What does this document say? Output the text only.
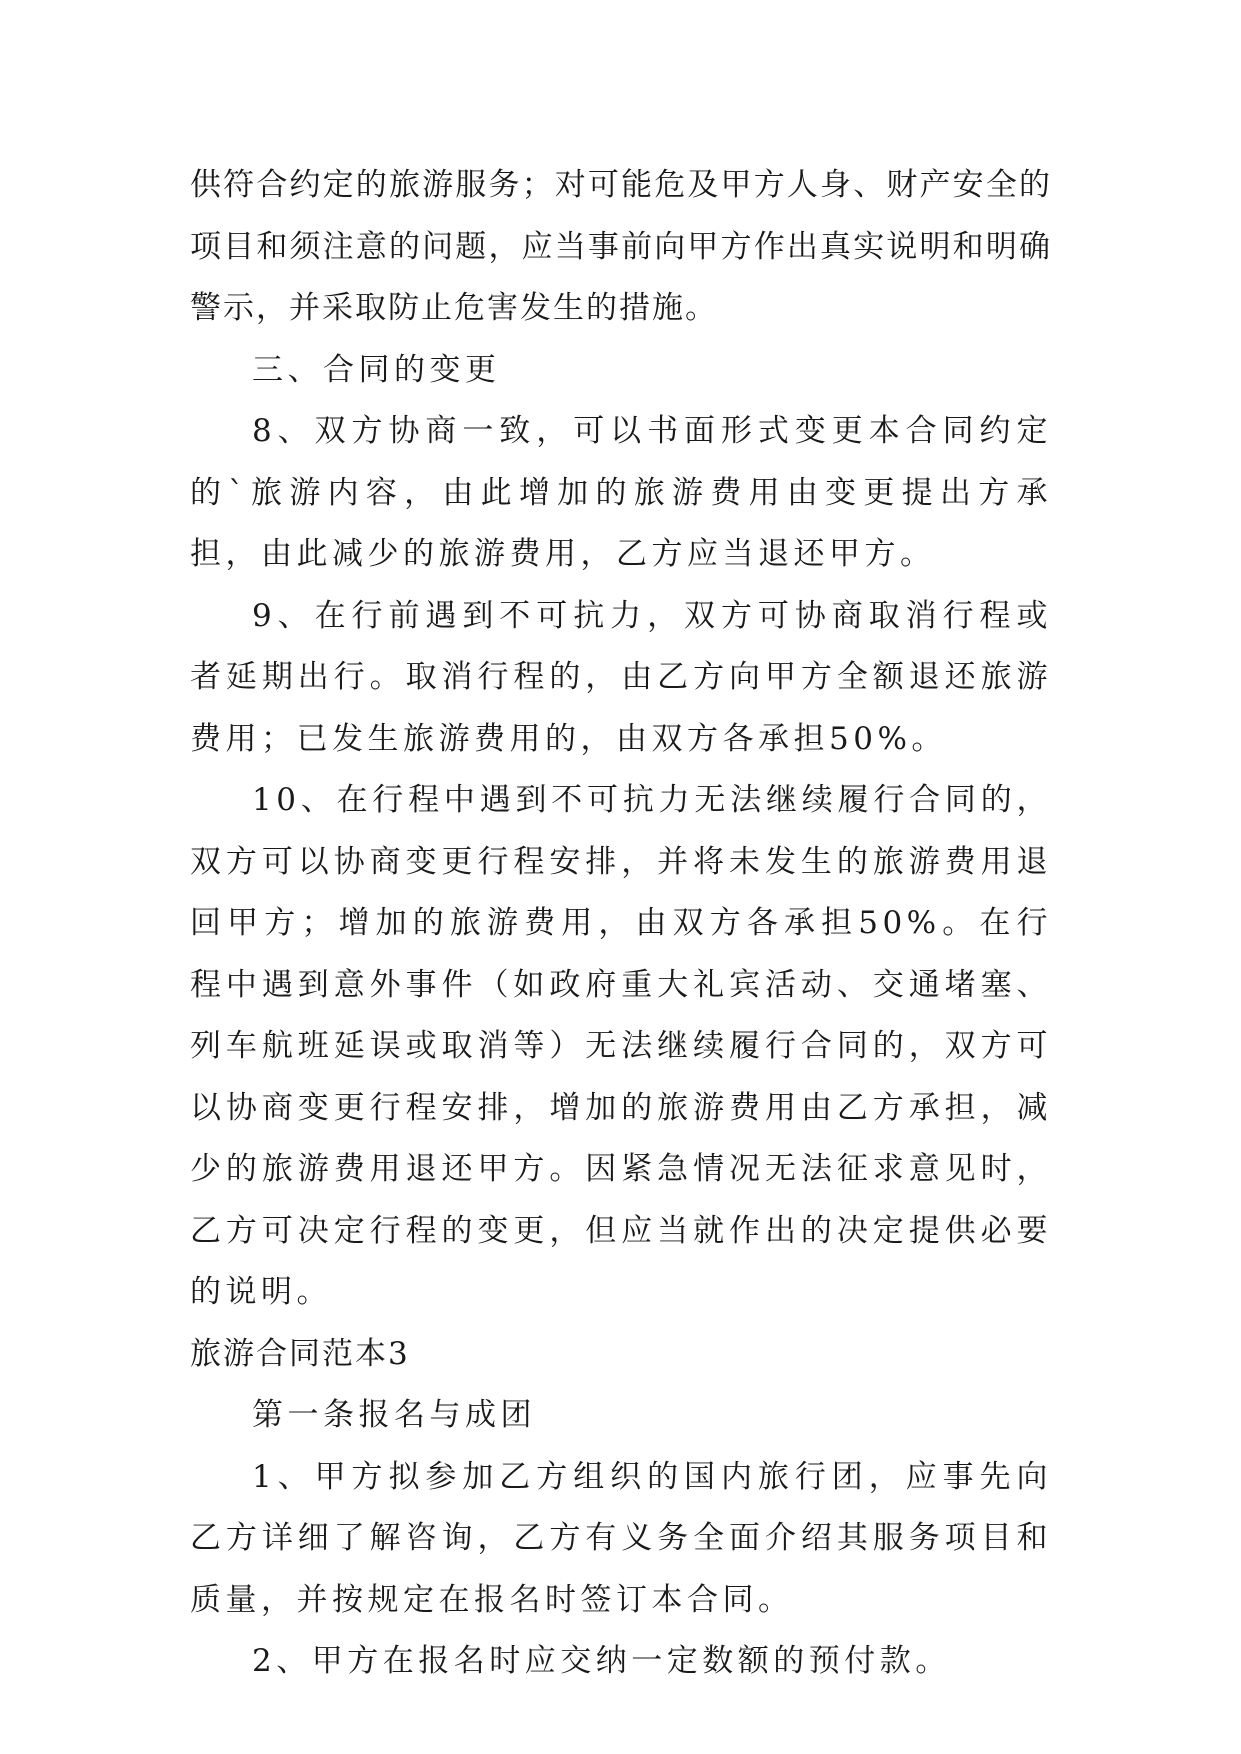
供符合约定的旅游服务；对可能危及甲方人身、财产安全的项目和须注意的问题，应当事前向甲方作出真实说明和明确警示，并采取防止危害发生的措施。

三、合同的变更

8、双方协商一致，可以书面形式变更本合同约定的`旅游内容，由此增加的旅游费用由变更提出方承担，由此减少的旅游费用，乙方应当退还甲方。

9、在行前遇到不可抗力，双方可协商取消行程或者延期出行。取消行程的，由乙方向甲方全额退还旅游费用；已发生旅游费用的，由双方各承担50%。

10、在行程中遇到不可抗力无法继续履行合同的，双方可以协商变更行程安排，并将未发生的旅游费用退回甲方；增加的旅游费用，由双方各承担50%。在行程中遇到意外事件（如政府重大礼宾活动、交通堵塞、列车航班延误或取消等）无法继续履行合同的，双方可以协商变更行程安排，增加的旅游费用由乙方承担，减少的旅游费用退还甲方。因紧急情况无法征求意见时，乙方可决定行程的变更，但应当就作出的决定提供必要的说明。

旅游合同范本3

第一条报名与成团

1、甲方拟参加乙方组织的国内旅行团，应事先向乙方详细了解咨询，乙方有义务全面介绍其服务项目和质量，并按规定在报名时签订本合同。

2、甲方在报名时应交纳一定数额的预付款。
